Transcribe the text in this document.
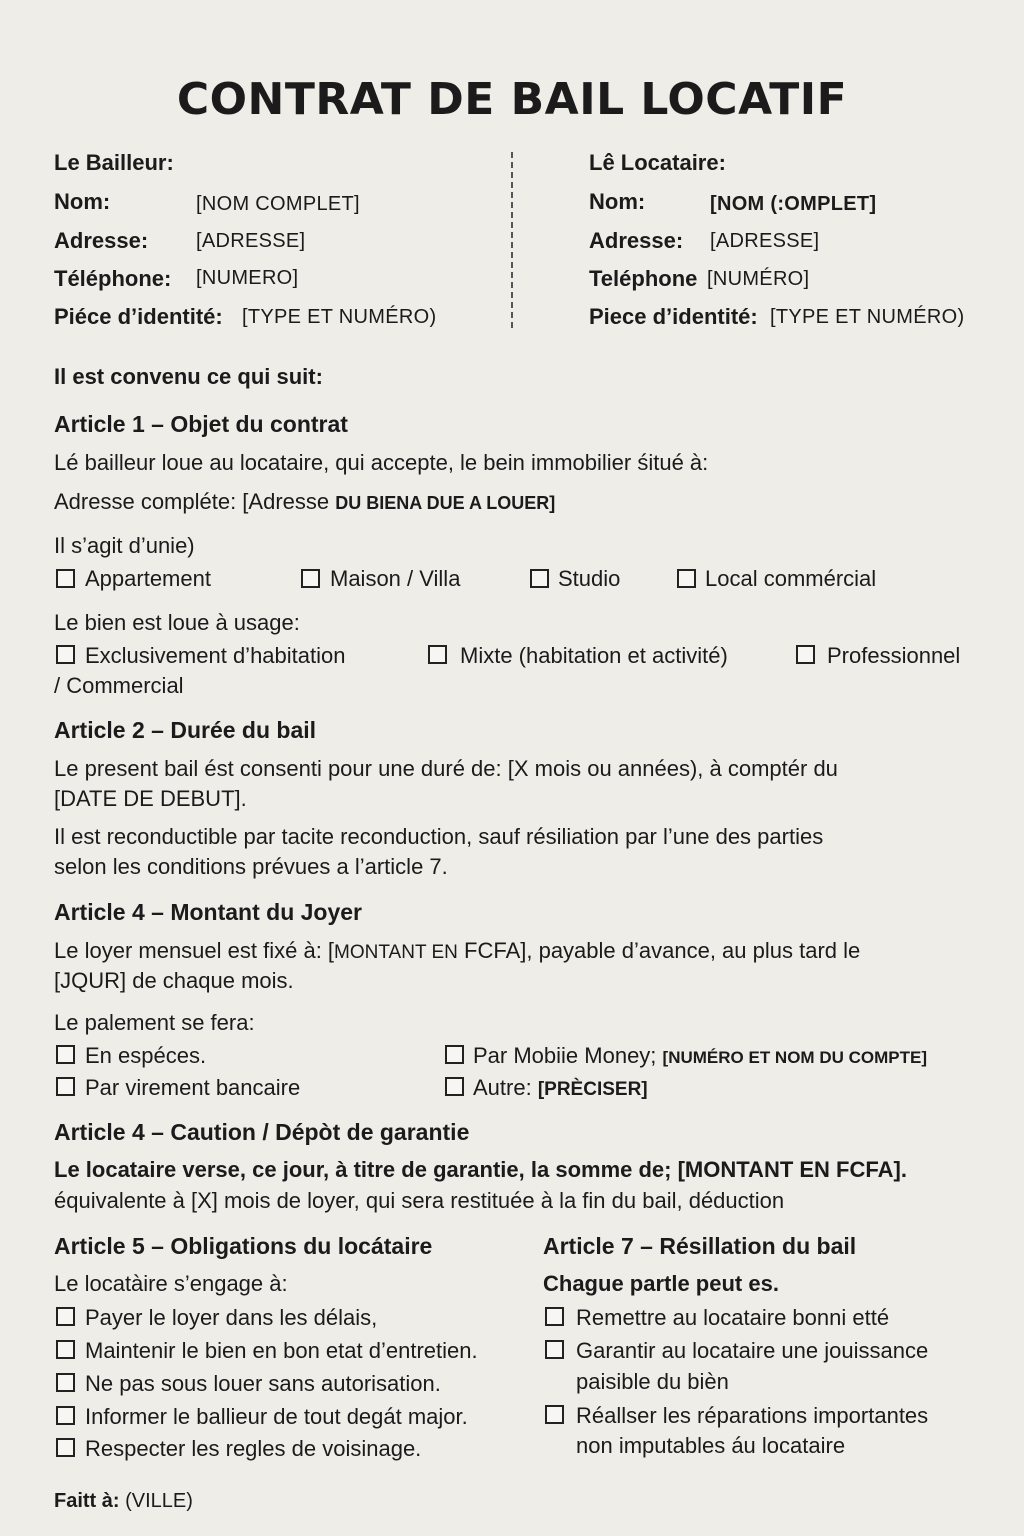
CONTRAT DE BAIL LOCATIF
Le Bailleur:
Nom:	[NOM COMPLET]
Adresse: [ADRESSE]
Téléphone: [NUMERO]
Piéce d’identité: [TYPE ET NUMÉRO)
Lê Locataire:
Nom:	[NOM (:OMPLET]
Adresse: [ADRESSE]
Teléphone [NUMÉRO]
Piece d’identité: [TYPE ET NUMÉRO)
Il est convenu ce qui suit:
Article 1 – Objet du contrat
Lé bailleur loue au locataire, qui accepte, le bein immobilier śitué à:
Adresse compléte: [Adresse DU BIENA DUE A LOUER]
Il s’agit d’unie)
Appartement	Maison / Villa	Studio	Local commércial
Le bien est loue à usage:
Exclusivement d’habitation	Mixte (habitation et activité)	Professionnel
/ Commercial
Article 2 – Durée du bail
Le present bail ést consenti pour une duré de: [X mois ou années), à comptér du
[DATE DE DEBUT].
Il est reconductible par tacite reconduction, sauf résiliation par l’une des parties
selon les conditions prévues a l’article 7.
Article 4 – Montant du Joyer
Le loyer mensuel est fixé à: [MONTANT EN FCFA], payable d’avance, au plus tard le
[JQUR] de chaque mois.
Le palement se fera:
En espéces.	Par Mobiie Money; [NUMÉRO ET NOM DU COMPTE]
Par virement bancaire	Autre: [PRÈCISER]
Article 4 – Caution / Dépòt de garantie
Le locataire verse, ce jour, à titre de garantie, la somme de; [MONTANT EN FCFA].
équivalente à [X] mois de loyer, qui sera restituée à la fin du bail, déduction
Article 5 – Obligations du locátaire
Le locatàire s’engage à:
Payer le loyer dans les délais,
Maintenir le bien en bon etat d’entretien.
Ne pas sous louer sans autorisation.
Informer le ballieur de tout degát major.
Respecter les regles de voisinage.
Article 7 – Résillation du bail
Chague partle peut es.
Remettre au locataire bonni etté
Garantir au locataire une jouissance
paisible du bièn
Réallser les réparations importantes
non imputables áu locataire
Faitt à: (VILLE)
